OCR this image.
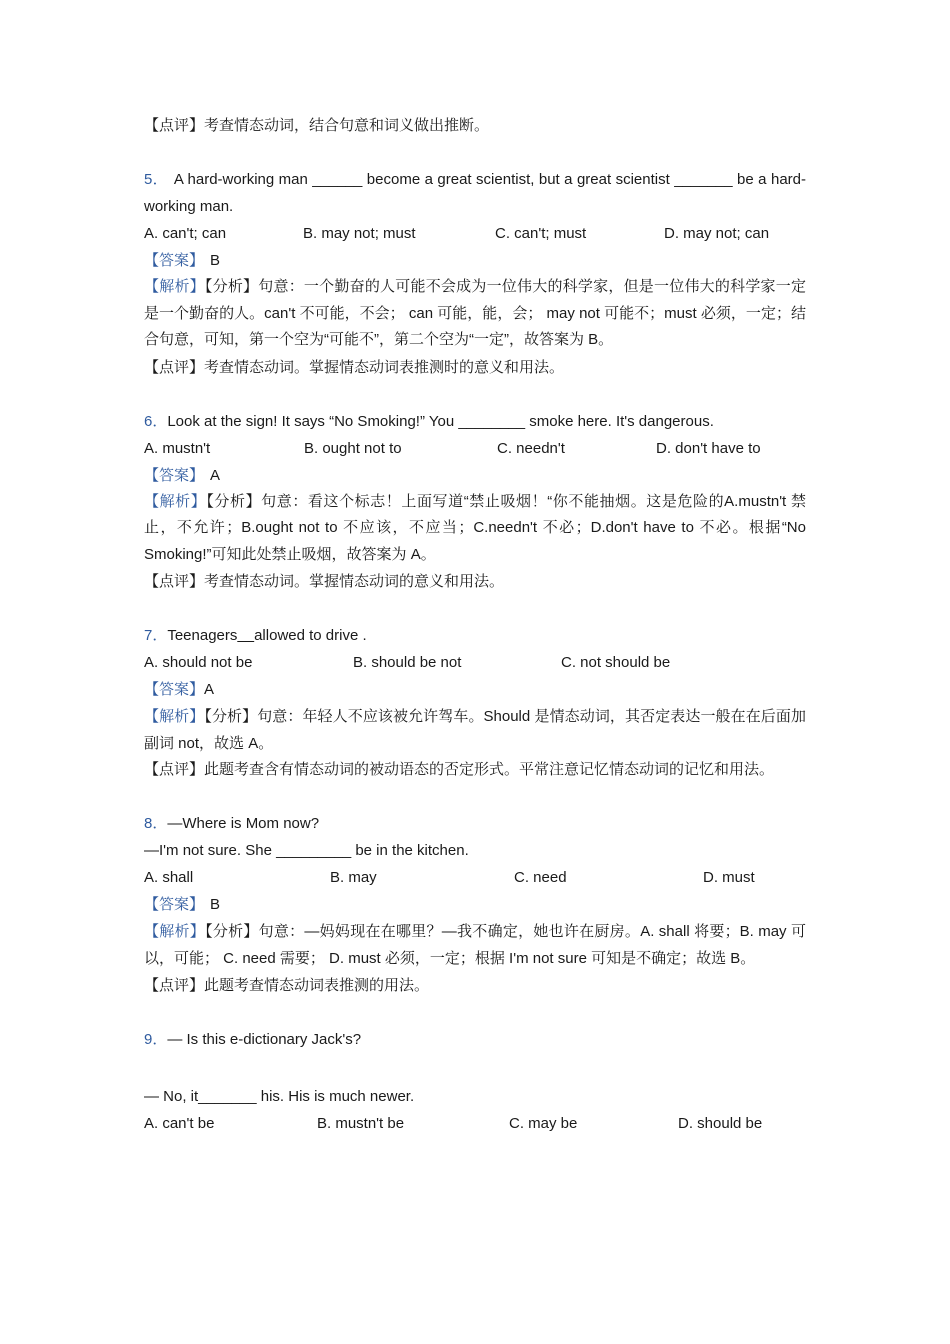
【点评】考查情态动词，结合句意和词义做出推断。
5． A hard-working man ______ become a great scientist, but a great scientist _______ be a hard-working man.
A. can't; can	B. may not; must	C. can't; must	D. may not; can
【答案】 B
【解析】【分析】句意：一个勤奋的人可能不会成为一位伟大的科学家，但是一位伟大的科学家一定是一个勤奋的人。can't 不可能，不会； can 可能，能，会； may not 可能不；must 必须，一定；结合句意，可知，第一个空为“可能不”，第二个空为“一定”，故答案为 B。
【点评】考查情态动词。掌握情态动词表推测时的意义和用法。
6．Look at the sign! It says “No Smoking!” You ________ smoke here. It's dangerous.
A. mustn't	B. ought not to	C. needn't	D. don't have to
【答案】 A
【解析】【分析】句意：看这个标志！上面写道“禁止吸烟！“你不能抽烟。这是危险的A.mustn't 禁止，不允许；B.ought not to 不应该，不应当；C.needn't 不必；D.don't have to 不必。根据“No Smoking!”可知此处禁止吸烟，故答案为 A。
【点评】考查情态动词。掌握情态动词的意义和用法。
7．Teenagers__allowed to drive .
A. should not be	B. should be not	C. not should be
【答案】A
【解析】【分析】句意：年轻人不应该被允许驾车。Should 是情态动词，其否定表达一般在在后面加副词 not，故选 A。
【点评】此题考查含有情态动词的被动语态的否定形式。平常注意记忆情态动词的记忆和用法。
8．—Where is Mom now?
—I'm not sure. She _________ be in the kitchen.
A. shall	B. may	C. need	D. must
【答案】 B
【解析】【分析】句意：—妈妈现在在哪里？—我不确定，她也许在厨房。A. shall 将要；B. may 可以，可能； C. need 需要； D. must 必须，一定；根据 I'm not sure 可知是不确定；故选 B。
【点评】此题考查情态动词表推测的用法。
9．— Is this e-dictionary Jack's?
— No, it_______ his. His is much newer.
A. can't be	B. mustn't be	C. may be	D. should be
